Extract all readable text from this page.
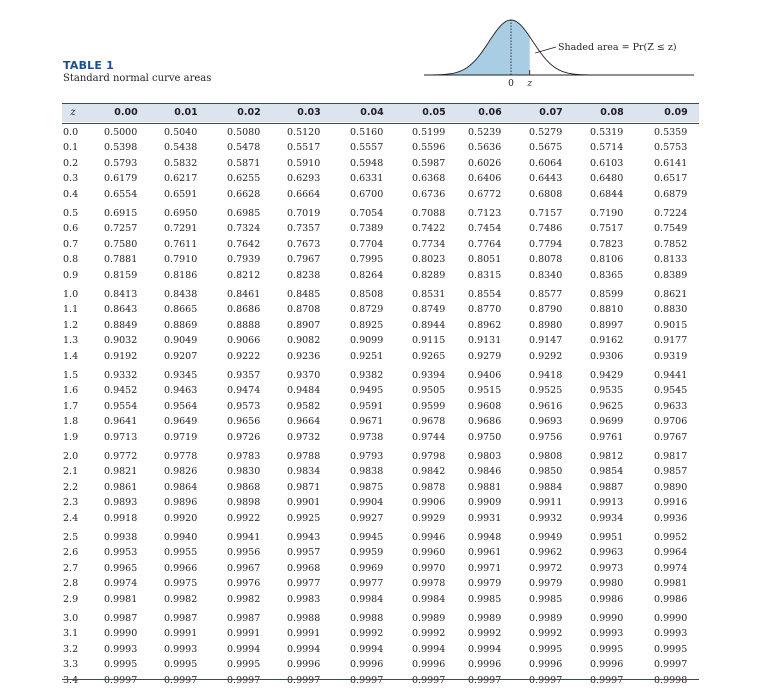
Shaded area = Pr(Z ≤ z)
0 z
TABLE 1
Standard normal curve areas
z	0.00	0.01	0.02	0.03	0.04	0.05	0.06	0.07	0.08	0.09
0.0	0.5000	0.5040	0.5080	0.5120	0.5160	0.5199 0.5239	0.5279	0.5319	0.5359
0.1	0.5398	0.5438	0.5478	0.5517	0.5557	0.5596 0.5636	0.5675	0.5714	0.5753
0.2	0.5793	0.5832	0.5871	0.5910	0.5948	0.5987 0.6026	0.6064	0.6103	0.6141
0.3	0.6179	0.6217	0.6255	0.6293	0.6331	0.6368 0.6406	0.6443	0.6480	0.6517
0.4	0.6554	0.6591	0.6628	0.6664	0.6700	0.6736 0.6772	0.6808	0.6844	0.6879
0.5	0.6915	0.6950	0.6985	0.7019	0.7054	0.7088 0.7123	0.7157	0.7190	0.7224
0.6	0.7257	0.7291	0.7324	0.7357	0.7389	0.7422 0.7454	0.7486	0.7517	0.7549
0.7	0.7580	0.7611	0.7642	0.7673	0.7704	0.7734 0.7764	0.7794	0.7823	0.7852
0.8	0.7881	0.7910	0.7939	0.7967	0.7995	0.8023 0.8051	0.8078	0.8106	0.8133
0.9	0.8159	0.8186	0.8212	0.8238	0.8264	0.8289 0.8315	0.8340	0.8365	0.8389
1.0	0.8413	0.8438	0.8461	0.8485	0.8508	0.8531 0.8554	0.8577	0.8599	0.8621
1.1	0.8643	0.8665	0.8686	0.8708	0.8729	0.8749 0.8770	0.8790	0.8810	0.8830
1.2	0.8849	0.8869	0.8888	0.8907	0.8925	0.8944 0.8962	0.8980	0.8997	0.9015
1.3	0.9032	0.9049	0.9066	0.9082	0.9099	0.9115 0.9131	0.9147	0.9162	0.9177
1.4	0.9192	0.9207	0.9222	0.9236	0.9251	0.9265 0.9279	0.9292	0.9306	0.9319
1.5	0.9332	0.9345	0.9357	0.9370	0.9382	0.9394 0.9406	0.9418	0.9429	0.9441
1.6	0.9452	0.9463	0.9474	0.9484	0.9495	0.9505 0.9515	0.9525	0.9535	0.9545
1.7	0.9554	0.9564	0.9573	0.9582	0.9591	0.9599 0.9608	0.9616	0.9625	0.9633
1.8	0.9641	0.9649	0.9656	0.9664	0.9671	0.9678 0.9686	0.9693	0.9699	0.9706
1.9	0.9713	0.9719	0.9726	0.9732	0.9738	0.9744 0.9750	0.9756	0.9761	0.9767
2.0	0.9772	0.9778	0.9783	0.9788	0.9793	0.9798 0.9803	0.9808	0.9812	0.9817
2.1	0.9821	0.9826	0.9830	0.9834	0.9838	0.9842 0.9846	0.9850	0.9854	0.9857
2.2	0.9861	0.9864	0.9868	0.9871	0.9875	0.9878 0.9881	0.9884	0.9887	0.9890
2.3	0.9893	0.9896	0.9898	0.9901	0.9904	0.9906 0.9909	0.9911	0.9913	0.9916
2.4	0.9918	0.9920	0.9922	0.9925	0.9927	0.9929 0.9931	0.9932	0.9934	0.9936
2.5	0.9938	0.9940	0.9941	0.9943	0.9945	0.9946 0.9948	0.9949	0.9951	0.9952
2.6	0.9953	0.9955	0.9956	0.9957	0.9959	0.9960 0.9961	0.9962	0.9963	0.9964
2.7	0.9965	0.9966	0.9967	0.9968	0.9969	0.9970 0.9971	0.9972	0.9973	0.9974
2.8	0.9974	0.9975	0.9976	0.9977	0.9977	0.9978 0.9979	0.9979	0.9980	0.9981
2.9	0.9981	0.9982	0.9982	0.9983	0.9984	0.9984 0.9985	0.9985	0.9986	0.9986
3.0	0.9987	0.9987	0.9987	0.9988	0.9988	0.9989 0.9989	0.9989	0.9990	0.9990
3.1	0.9990	0.9991	0.9991	0.9991	0.9992	0.9992 0.9992	0.9992	0.9993	0.9993
3.2	0.9993	0.9993	0.9994	0.9994	0.9994	0.9994 0.9994	0.9995	0.9995	0.9995
3.3	0.9995	0.9995	0.9995	0.9996	0.9996	0.9996 0.9996	0.9996	0.9996	0.9997
3.4	0.9997	0.9997	0.9997	0.9997	0.9997	0.9997 0.9997	0.9997	0.9997	0.9998
